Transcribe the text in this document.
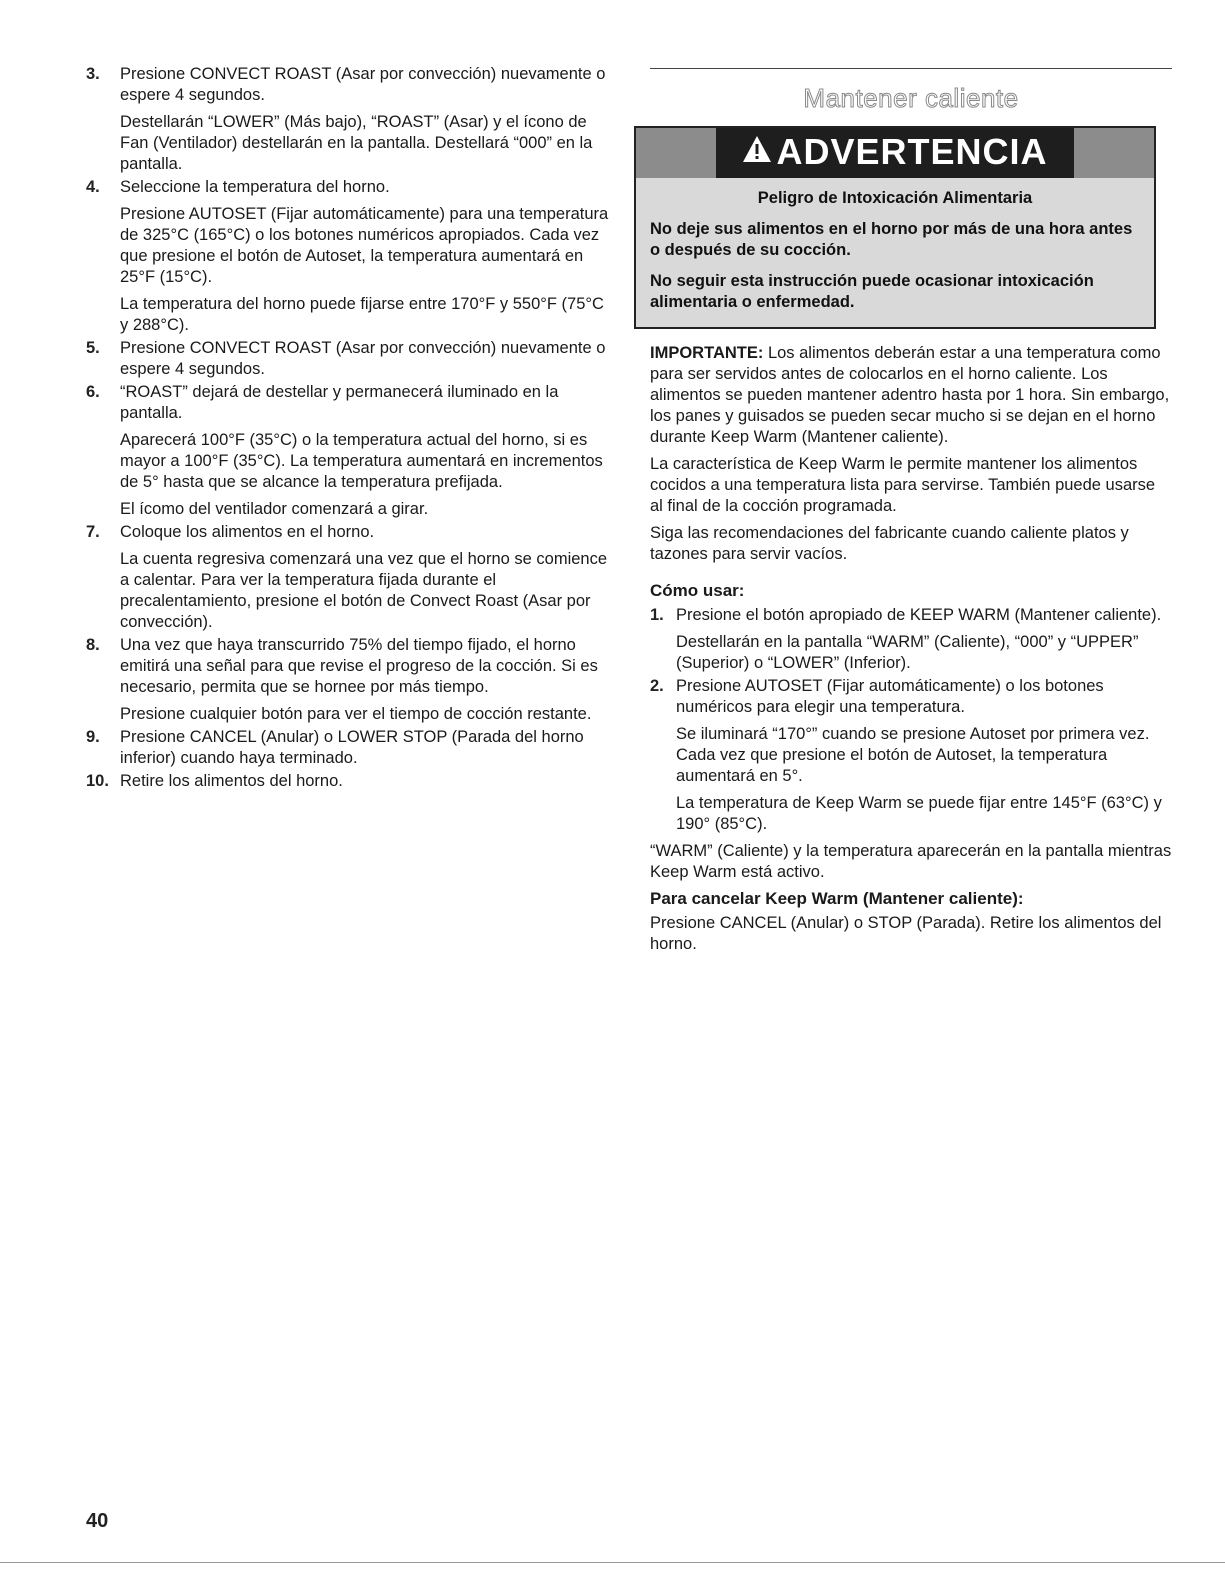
3.	Presione CONVECT ROAST (Asar por convección) nuevamente o espere 4 segundos.

Destellarán “LOWER” (Más bajo), “ROAST” (Asar) y el ícono de Fan (Ventilador) destellarán en la pantalla. Destellará “000” en la pantalla.

4.	Seleccione la temperatura del horno.

Presione AUTOSET (Fijar automáticamente) para una temperatura de 325°C (165°C) o los botones numéricos apropiados. Cada vez que presione el botón de Autoset, la temperatura aumentará en 25°F (15°C).

La temperatura del horno puede fijarse entre 170°F y 550°F (75°C y 288°C).

5.	Presione CONVECT ROAST (Asar por convección) nuevamente o espere 4 segundos.

6.	“ROAST” dejará de destellar y permanecerá iluminado en la pantalla.

Aparecerá 100°F (35°C) o la temperatura actual del horno, si es mayor a 100°F (35°C). La temperatura aumentará en incrementos de 5° hasta que se alcance la temperatura prefijada.

El ícomo del ventilador comenzará a girar.

7.	Coloque los alimentos en el horno.

La cuenta regresiva comenzará una vez que el horno se comience a calentar. Para ver la temperatura fijada durante el precalentamiento, presione el botón de Convect Roast (Asar por convección).

8.	Una vez que haya transcurrido 75% del tiempo fijado, el horno emitirá una señal para que revise el progreso de la cocción. Si es necesario, permita que se hornee por más tiempo.

Presione cualquier botón para ver el tiempo de cocción restante.

9.	Presione CANCEL (Anular) o LOWER STOP (Parada del horno inferior) cuando haya terminado.

10. Retire los alimentos del horno.

Mantener caliente
ADVERTENCIA

Peligro de Intoxicación Alimentaria

No deje sus alimentos en el horno por más de una hora antes o después de su cocción.

No seguir esta instrucción puede ocasionar intoxicación alimentaria o enfermedad.

IMPORTANTE: Los alimentos deberán estar a una temperatura como para ser servidos antes de colocarlos en el horno caliente. Los alimentos se pueden mantener adentro hasta por 1 hora. Sin embargo, los panes y guisados se pueden secar mucho si se dejan en el horno durante Keep Warm (Mantener caliente).

La característica de Keep Warm le permite mantener los alimentos cocidos a una temperatura lista para servirse. También puede usarse al final de la cocción programada.

Siga las recomendaciones del fabricante cuando caliente platos y tazones para servir vacíos.

Cómo usar:
1. Presione el botón apropiado de KEEP WARM (Mantener caliente).

Destellarán en la pantalla “WARM” (Caliente), “000” y “UPPER” (Superior) o “LOWER” (Inferior).

2. Presione AUTOSET (Fijar automáticamente) o los botones numéricos para elegir una temperatura.

Se iluminará “170°” cuando se presione Autoset por primera vez. Cada vez que presione el botón de Autoset, la temperatura aumentará en 5°.

La temperatura de Keep Warm se puede fijar entre 145°F (63°C) y 190° (85°C).

“WARM” (Caliente) y la temperatura aparecerán en la pantalla mientras Keep Warm está activo.

Para cancelar Keep Warm (Mantener caliente):

Presione CANCEL (Anular) o STOP (Parada). Retire los alimentos del horno.

40
